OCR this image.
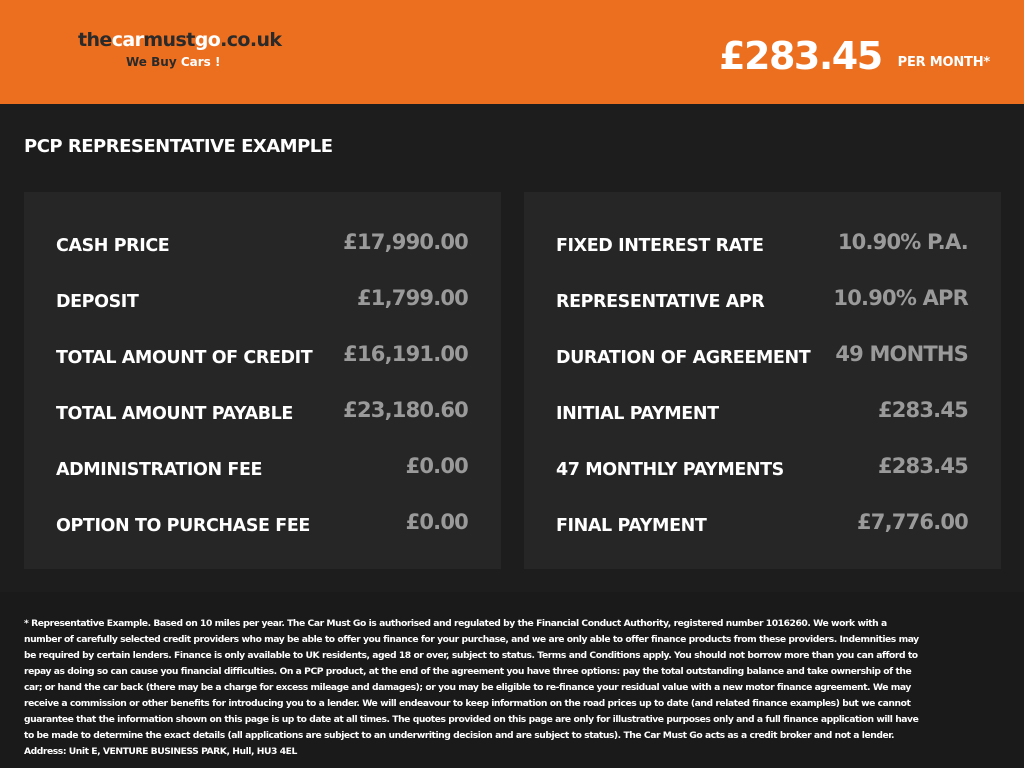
thecarmustgo.co.uk
We Buy Cars !	£283.45 PER MONTH*
PCP REPRESENTATIVE EXAMPLE
CASH PRICE	£17,990.00
DEPOSIT	£1,799.00
TOTAL AMOUNT OF CREDIT £16,191.00
TOTAL AMOUNT PAYABLE £23,180.60
ADMINISTRATION FEE	£0.00
OPTION TO PURCHASE FEE	£0.00
FIXED INTEREST RATE	10.90% P.A.
REPRESENTATIVE APR	10.90% APR
DURATION OF AGREEMENT 49 MONTHS
INITIAL PAYMENT	£283.45
47 MONTHLY PAYMENTS	£283.45
FINAL PAYMENT	£7,776.00

* Representative Example. Based on 10 miles per year. The Car Must Go is authorised and regulated by the Financial Conduct Authority, registered number 1016260. We work with a number of carefully selected credit providers who may be able to offer you finance for your purchase, and we are only able to offer finance products from these providers. Indemnities may be required by certain lenders. Finance is only available to UK residents, aged 18 or over, subject to status. Terms and Conditions apply. You should not borrow more than you can afford to repay as doing so can cause you financial difficulties. On a PCP product, at the end of the agreement you have three options: pay the total outstanding balance and take ownership of the car; or hand the car back (there may be a charge for excess mileage and damages); or you may be eligible to re-finance your residual value with a new motor finance agreement. We may receive a commission or other benefits for introducing you to a lender. We will endeavour to keep information on the road prices up to date (and related finance examples) but we cannot guarantee that the information shown on this page is up to date at all times. The quotes provided on this page are only for illustrative purposes only and a full finance application will have to be made to determine the exact details (all applications are subject to an underwriting decision and are subject to status). The Car Must Go acts as a credit broker and not a lender. Address: Unit E, VENTURE BUSINESS PARK, Hull, HU3 4EL
